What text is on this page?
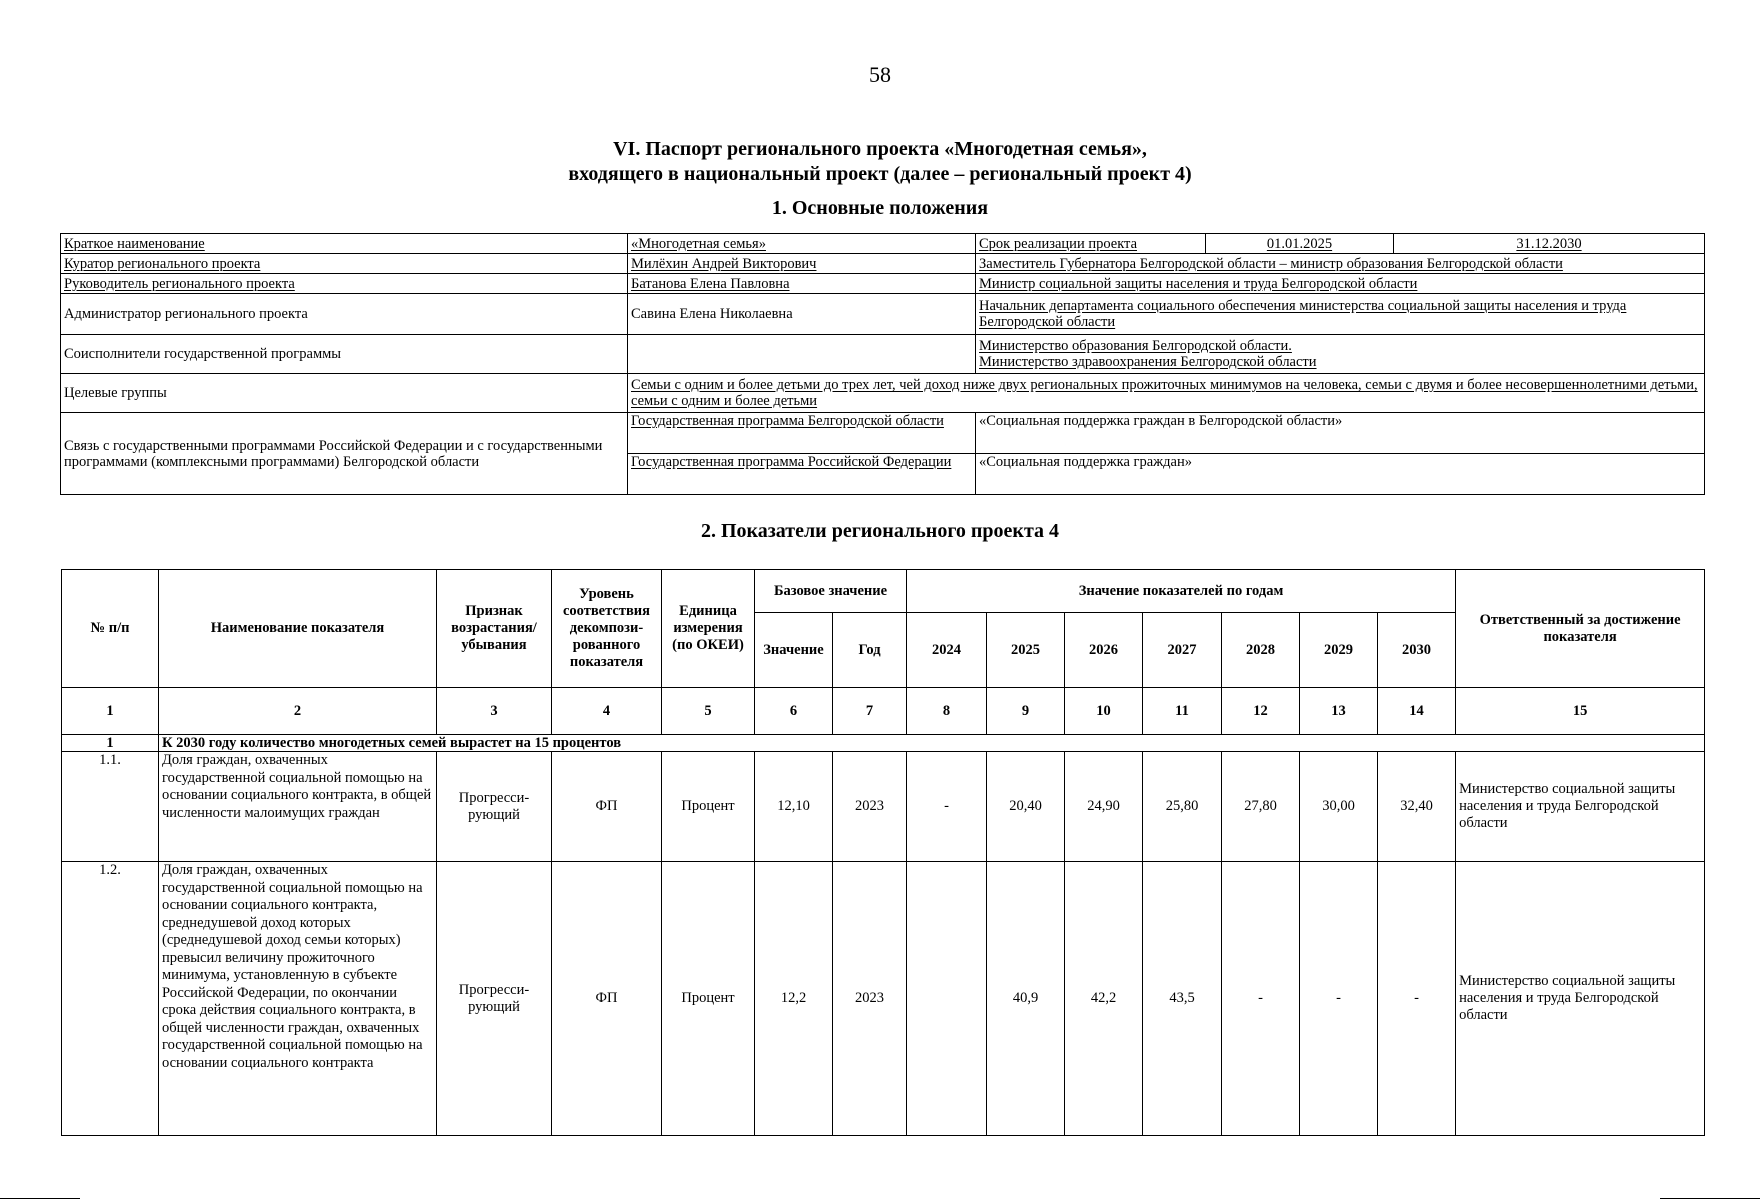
58
VI. Паспорт регионального проекта «Многодетная семья»,
входящего в национальный проект (далее – региональный проект 4)
1. Основные положения
Краткое наименование	«Многодетная семья»	Срок реализации проекта	01.01.2025	31.12.2030
Куратор регионального проекта	Милёхин Андрей Викторович	Заместитель Губернатора Белгородской области – министр образования Белгородской области		
Руководитель регионального проекта	Батанова Елена Павловна	Министр социальной защиты населения и труда Белгородской области		
Администратор регионального проекта	Савина Елена Николаевна	Начальник департамента социального обеспечения министерства социальной защиты населения и труда Белгородской области		
Соисполнители государственной программы		Министерство образования Белгородской области.
Министерство здравоохранения Белгородской области		

Целевые группы	Семьи с одним и более детьми до трех лет, чей доход ниже двух региональных прожиточных минимумов на человека, семьи с двумя и более несовершеннолетними детьми, семьи с одним и более детьми			
Связь с государственными программами Российской Федерации и с государственными программами (комплексными программами) Белгородской области	Государственная программа Белгородской области	«Социальная поддержка граждан в Белгородской области»		
	Государственная программа Российской Федерации	«Социальная поддержка граждан»		
2. Показатели регионального проекта 4
№ п/п	Наименование показателя	Признак возрастания/ убывания	Уровень соответствия декомпози-рованного показателя	Единица измерения (по ОКЕИ)	Базовое значение		Значение показателей по годам							Ответственный за достижение показателя
					Значение	Год	2024	2025	2026	2027	2028	2029	2030	
1	2	3	4	5	6	7	8	9	10	11	12	13	14	15
1	К 2030 году количество многодетных семей вырастет на 15 процентов													
1.1.	Доля граждан, охваченных государственной социальной помощью на основании социального контракта, в общей численности малоимущих граждан	Прогресси-рующий	ФП	Процент	12,10	2023	-	20,40	24,90	25,80	27,80	30,00	32,40	Министерство социальной защиты населения и труда Белгородской области
1.2.	Доля граждан, охваченных государственной социальной помощью на основании социального контракта, среднедушевой доход которых (среднедушевой доход семьи которых) превысил величину прожиточного минимума, установленную в субъекте Российской Федерации, по окончании срока действия социального контракта, в общей численности граждан, охваченных государственной социальной помощью на основании социального контракта	Прогресси-рующий	ФП	Процент	12,2	2023		40,9	42,2	43,5	-	-	-	Министерство социальной защиты населения и труда Белгородской области
